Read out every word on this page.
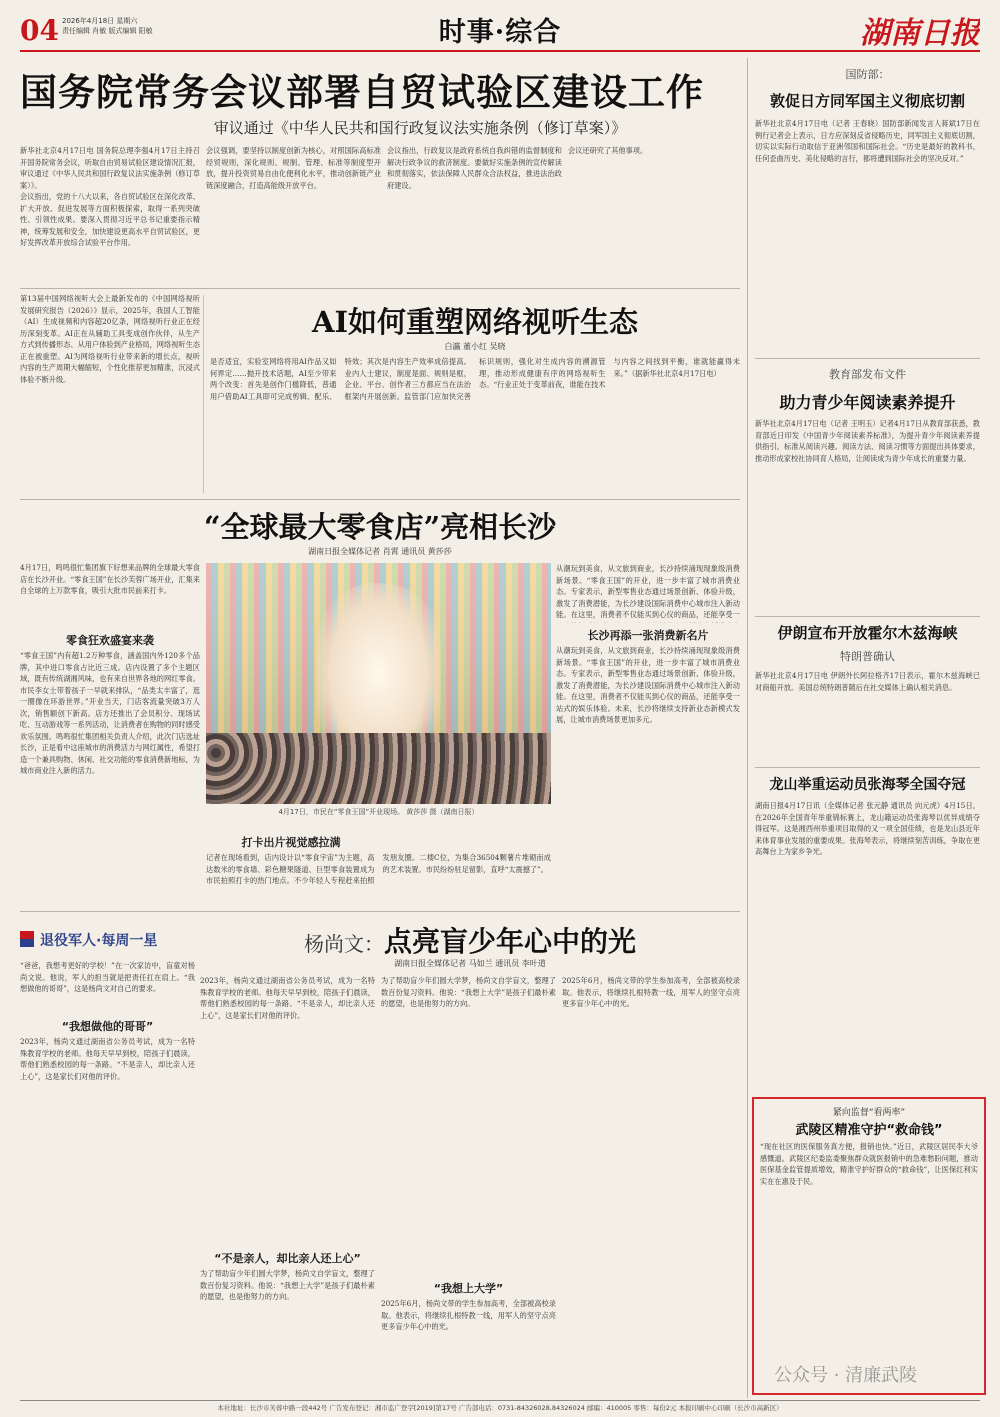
04 2026年4月18日 星期六
责任编辑 肖敏 版式编辑 阳敏	时事·综合	湖南日报
国务院常务会议部署自贸试验区建设工作
审议通过《中华人民共和国行政复议法实施条例（修订草案）》

新华社北京4月17日电 国务院总理李强4月17日主持召开国务院常务会议，听取自由贸易试验区建设情况汇报，审议通过《中华人民共和国行政复议法实施条例（修订草案）》。

会议指出，党的十八大以来，各自贸试验区在深化改革、扩大开放、促进发展等方面积极探索，取得一系列突破性、引领性成果。要深入贯彻习近平总书记重要指示精神，统筹发展和安全，加快建设更高水平自贸试验区，更好发挥改革开放综合试验平台作用。

会议强调，要坚持以制度创新为核心，对照国际高标准经贸规则，深化规则、规制、管理、标准等制度型开放，提升投资贸易自由化便利化水平，推动创新链产业链深度融合，打造高能级开放平台。

会议指出，行政复议是政府系统自我纠错的监督制度和解决行政争议的救济制度。要做好实施条例的宣传解读和贯彻落实，依法保障人民群众合法权益，推进法治政府建设。

会议还研究了其他事项。

第13届中国网络视听大会上最新发布的《中国网络视听发展研究报告（2026）》显示，2025年，我国人工智能（AI）生成视频和内容超20亿条，网络视听行业正在经历深刻变革。AI正在从辅助工具变成创作伙伴，从生产方式到传播形态、从用户体验到产业格局，网络视听生态正在被重塑。AI为网络视听行业带来新的增长点，视听内容的生产周期大幅缩短，个性化推荐更加精准，沉浸式体验不断升级。
AI如何重塑网络视听生态
白瀛 董小红 吴晓
是否适宜，实验室网络将用AI作品又如何界定……抛开技术话题，AI至少带来两个改变：首先是创作门槛降低，普通用户借助AI工具即可完成剪辑、配乐、特效；其次是内容生产效率成倍提高。业内人士建议，制度是面、规则是框，企业、平台、创作者三方都应当在法治框架内开展创新。监管部门应加快完善标识规则，强化对生成内容的溯源管理，推动形成健康有序的网络视听生态。“行业正处于变革前夜，谁能在技术与内容之间找到平衡，谁就能赢得未来。”（据新华社北京4月17日电）
“全球最大零食店”亮相长沙
湖南日报全媒体记者 肖霄 通讯员 黄莎莎
4月17日，鸣鸣很忙集团旗下好想来品牌的全球最大零食店在长沙开业。“零食王国”在长沙芙蓉广场开业，汇集来自全球的上万款零食，吸引大批市民前来打卡。
零食狂欢盛宴来袭
“零食王国”内有超1.2万种零食，涵盖国内外120多个品牌，其中进口零食占比近三成。店内设置了多个主题区域，既有传统湖湘风味，也有来自世界各地的网红零食。市民李女士带着孩子一早就来排队，“品类太丰富了，逛一圈像在环游世界。”开业当天，门店客流量突破3万人次，销售额创下新高。店方还推出了会员积分、现场试吃、互动游戏等一系列活动，让消费者在购物的同时感受欢乐氛围。鸣鸣很忙集团相关负责人介绍，此次门店选址长沙，正是看中这座城市的消费活力与网红属性，希望打造一个兼具购物、休闲、社交功能的零食消费新地标，为城市商业注入新的活力。
4月17日，市民在“零食王国”开业现场。 黄莎莎 摄（湖南日报）
打卡出片视觉感拉满
记者在现场看到，店内设计以“零食宇宙”为主题，高达数米的零食墙、彩色糖果隧道、巨型零食装置成为市民拍照打卡的热门地点。不少年轻人专程赶来拍照发朋友圈。二楼C位，为集合36504颗薯片堆砌而成的艺术装置。市民纷纷驻足留影，直呼“太震撼了”。
长沙再添一张消费新名片
从潮玩到美食，从文旅到商业，长沙持续涌现现象级消费新场景。“零食王国”的开业，进一步丰富了城市消费业态。专家表示，新型零售业态通过场景创新、体验升级，激发了消费潜能，为长沙建设国际消费中心城市注入新动能。在这里，消费者不仅能买到心仪的商品，还能享受一
从潮玩到美食，从文旅到商业，长沙持续涌现现象级消费新场景。“零食王国”的开业，进一步丰富了城市消费业态。专家表示，新型零售业态通过场景创新、体验升级，激发了消费潜能，为长沙建设国际消费中心城市注入新动能。在这里，消费者不仅能买到心仪的商品，还能享受一站式的娱乐体验。未来，长沙将继续支持新业态新模式发展，让城市消费场景更加多元。
退役军人·每周一星	杨尚文：点亮盲少年心中的光
湖南日报全媒体记者 马如兰 通讯员 李叶道
“爸爸，我想考更好的学校！”在一次家访中，盲童对杨尚文说。他说，军人的担当就是把责任扛在肩上。“我想做他的哥哥”，这是杨尚文对自己的要求。
“我想做他的哥哥”
2023年，杨尚文通过湖南省公务员考试，成为一名特殊教育学校的老师。他每天早早到校，陪孩子们晨读，帮他们熟悉校园的每一条路。“不是亲人，却比亲人还上心”，这是家长们对他的评价。
2023年，杨尚文通过湖南省公务员考试，成为一名特殊教育学校的老师。他每天早早到校，陪孩子们晨读，帮他们熟悉校园的每一条路。“不是亲人，却比亲人还上心”，这是家长们对他的评价。
“不是亲人，却比亲人还上心”
为了帮助盲少年们圆大学梦，杨尚文自学盲文，整理了数百份复习资料。他说：“我想上大学”是孩子们最朴素的愿望，也是他努力的方向。
为了帮助盲少年们圆大学梦，杨尚文自学盲文，整理了数百份复习资料。他说：“我想上大学”是孩子们最朴素的愿望，也是他努力的方向。
“我想上大学”
2025年6月，杨尚文带的学生参加高考，全部被高校录取。他表示，将继续扎根特教一线，用军人的坚守点亮更多盲少年心中的光。
2025年6月，杨尚文带的学生参加高考，全部被高校录取。他表示，将继续扎根特教一线，用军人的坚守点亮更多盲少年心中的光。
国防部：
敦促日方同军国主义彻底切割
新华社北京4月17日电（记者 王春晓）国防部新闻发言人蒋斌17日在例行记者会上表示，日方应深刻反省侵略历史，同军国主义彻底切割，切实以实际行动取信于亚洲邻国和国际社会。“历史是最好的教科书，任何歪曲历史、美化侵略的言行，都将遭到国际社会的坚决反对。”
教育部发布文件
助力青少年阅读素养提升
新华社北京4月17日电（记者 王明玉）记者4月17日从教育部获悉，教育部近日印发《中国青少年阅读素养标准》，为提升青少年阅读素养提供指引。标准从阅读兴趣、阅读方法、阅读习惯等方面提出具体要求，推动形成家校社协同育人格局，让阅读成为青少年成长的重要力量。
伊朗宣布开放霍尔木兹海峡
特朗普确认
新华社北京4月17日电 伊朗外长阿拉格齐17日表示，霍尔木兹海峡已对商船开放。美国总统特朗普随后在社交媒体上确认相关消息。
龙山举重运动员张海琴全国夺冠
湖南日报4月17日讯（全媒体记者 张元静 通讯员 向元虎）4月15日，在2026年全国青年举重锦标赛上，龙山籍运动员张海琴以优异成绩夺得冠军。这是湘西州举重项目取得的又一项全国佳绩，也是龙山县近年来体育事业发展的重要成果。张海琴表示，将继续刻苦训练，争取在更高舞台上为家乡争光。
紧向监督“看两率”
武陵区精准守护“救命钱”
“现在社区的医保服务真方便，报销也快。”近日，武陵区居民李大爷感慨道。武陵区纪委监委聚焦群众就医报销中的急难愁盼问题，推动医保基金监管提质增效，精准守护好群众的“救命钱”，让医保红利实实在在惠及于民。
公众号 · 清廉武陵
本社地址：长沙市芙蓉中路一段442号 广告发布登记：湘市监广登字[2019]第17号 广告部电话：0731-84326028,84326024 邮编：410005 零售：每份2元 本报印刷中心印刷（长沙市高新区）
